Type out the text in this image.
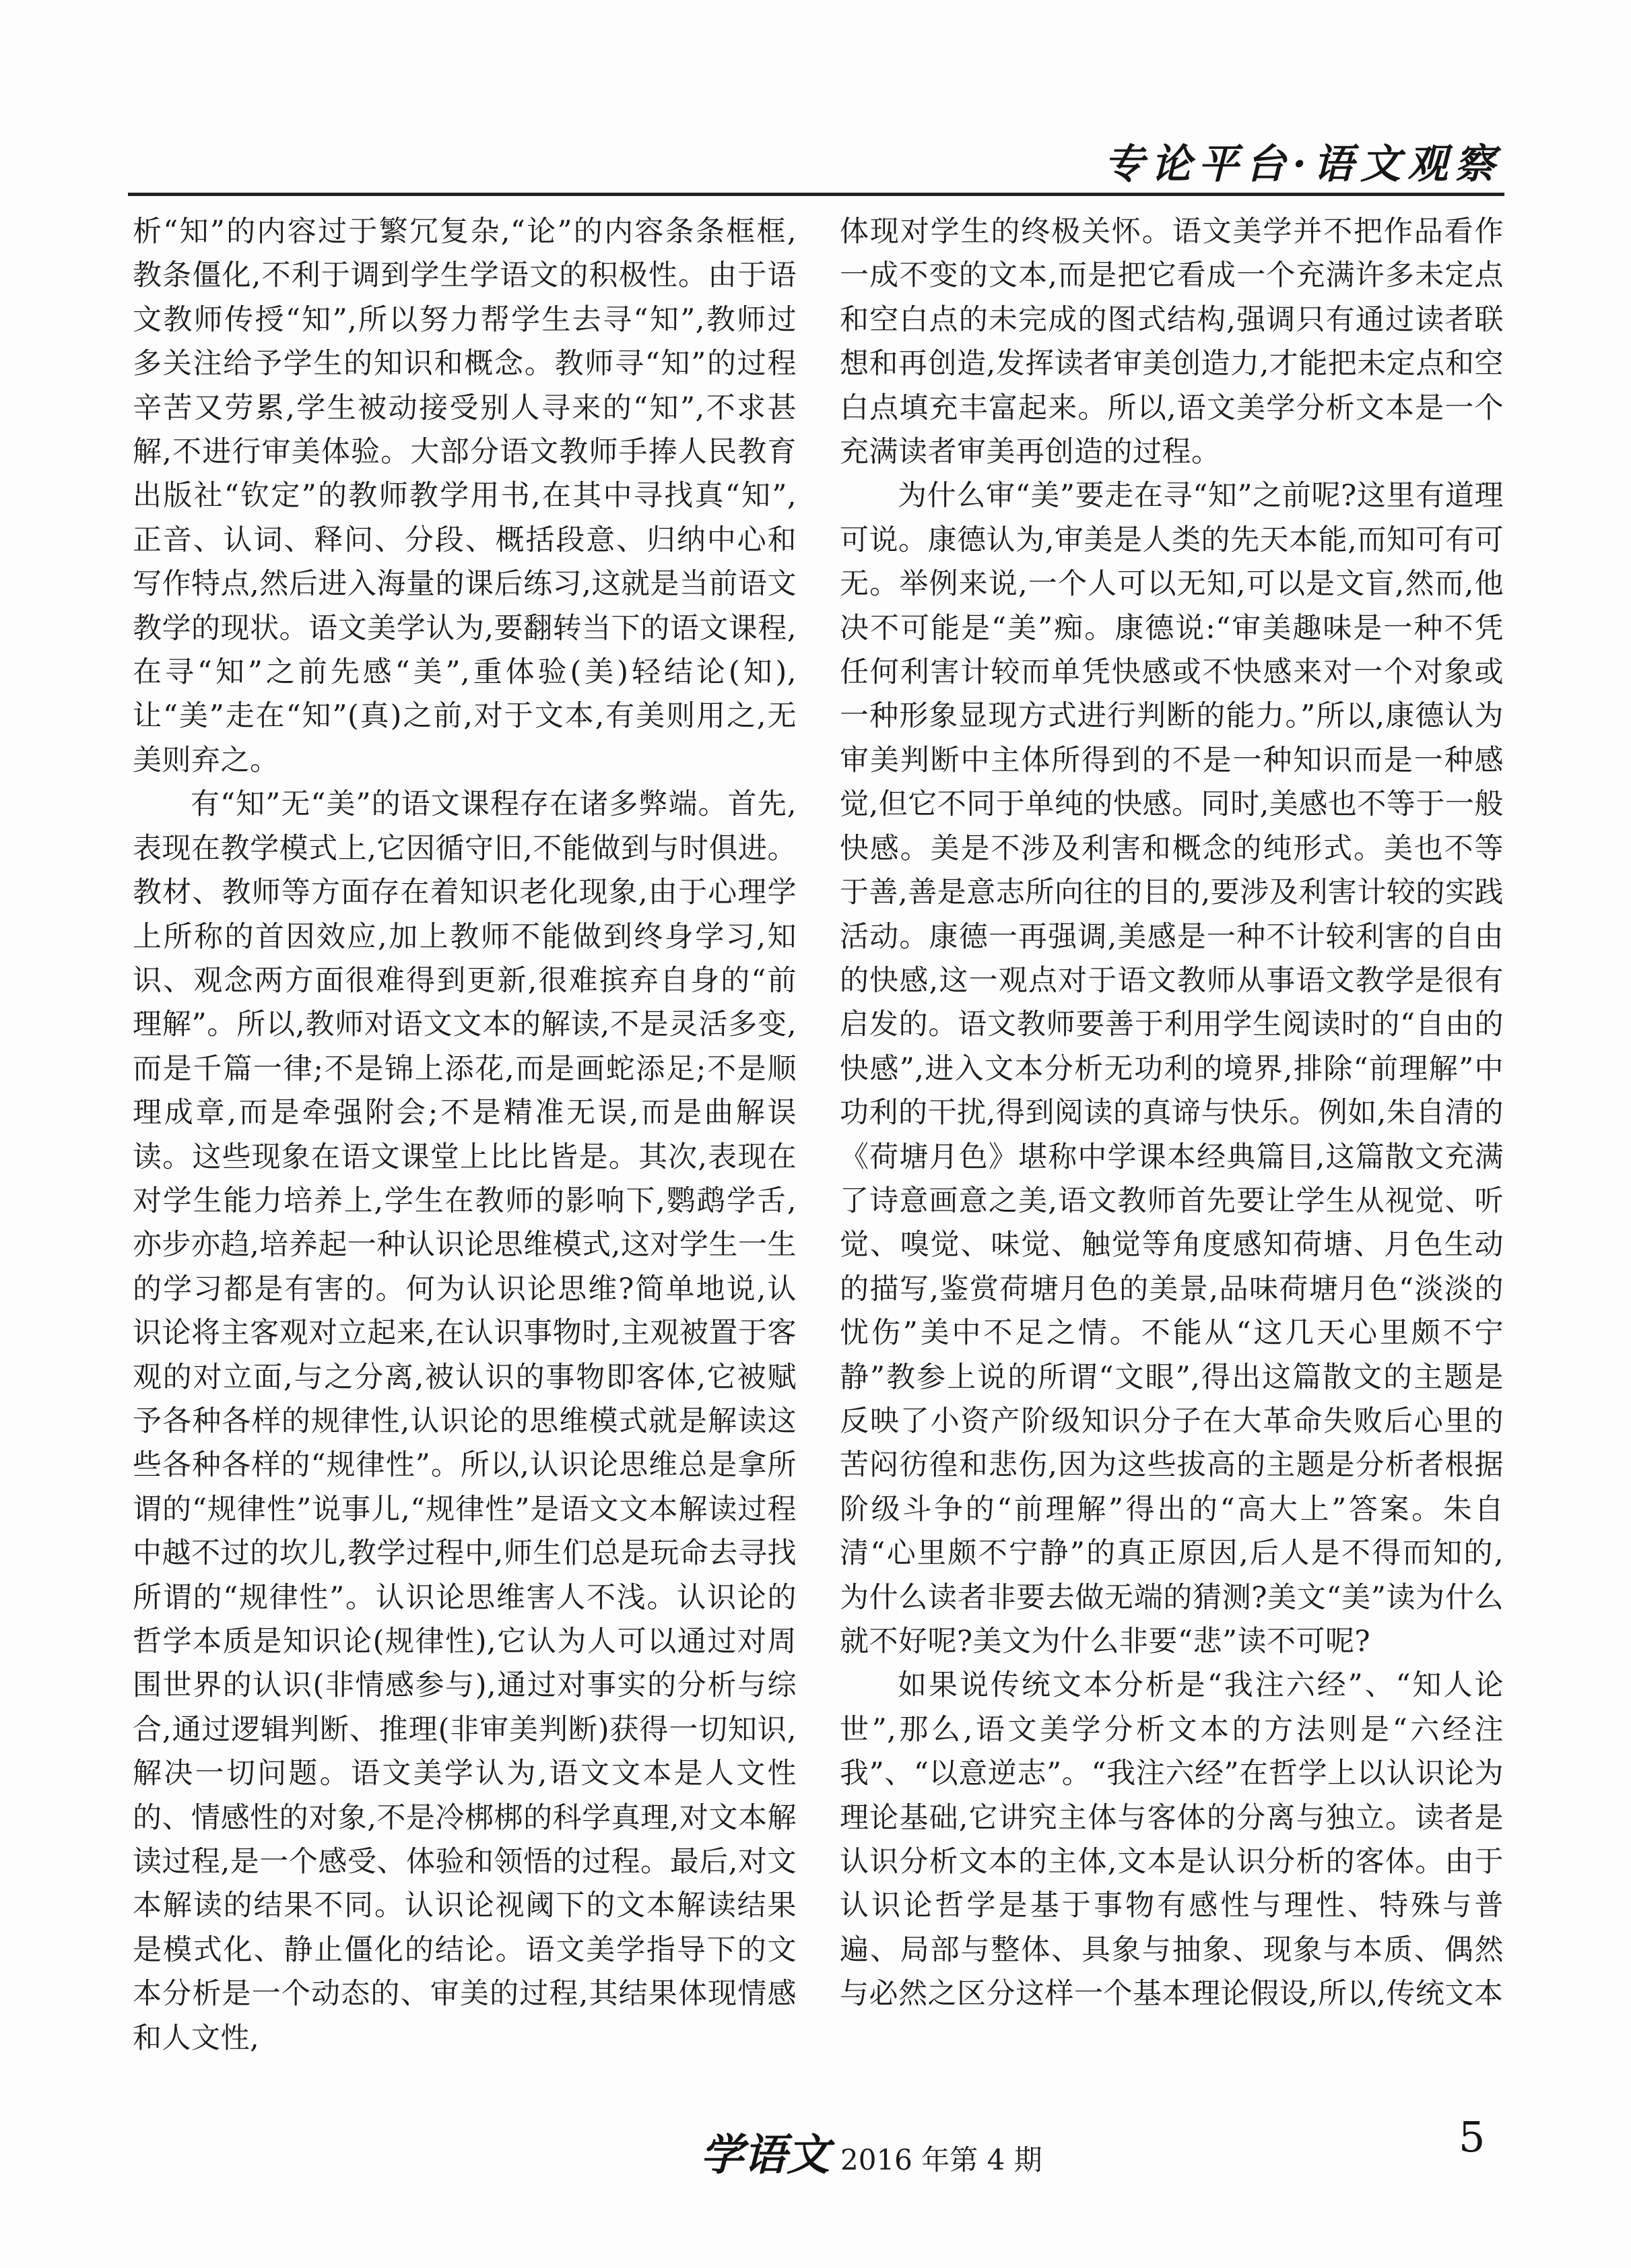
专论平台·语文观察

析“知”的内容过于繁冗复杂,“论”的内容条条框框,教条僵化,不利于调到学生学语文的积极性。由于语文教师传授“知”,所以努力帮学生去寻“知”,教师过多关注给予学生的知识和概念。教师寻“知”的过程辛苦又劳累,学生被动接受别人寻来的“知”,不求甚解,不进行审美体验。大部分语文教师手捧人民教育出版社“钦定”的教师教学用书,在其中寻找真“知”,正音、认词、释问、分段、概括段意、归纳中心和写作特点,然后进入海量的课后练习,这就是当前语文教学的现状。语文美学认为,要翻转当下的语文课程,在寻“知”之前先感“美”,重体验(美)轻结论(知),让“美”走在“知”(真)之前,对于文本,有美则用之,无美则弃之。

有“知”无“美”的语文课程存在诸多弊端。首先,表现在教学模式上,它因循守旧,不能做到与时俱进。教材、教师等方面存在着知识老化现象,由于心理学上所称的首因效应,加上教师不能做到终身学习,知识、观念两方面很难得到更新,很难摈弃自身的“前理解”。所以,教师对语文文本的解读,不是灵活多变,而是千篇一律;不是锦上添花,而是画蛇添足;不是顺理成章,而是牵强附会;不是精准无误,而是曲解误读。这些现象在语文课堂上比比皆是。其次,表现在对学生能力培养上,学生在教师的影响下,鹦鹉学舌,亦步亦趋,培养起一种认识论思维模式,这对学生一生的学习都是有害的。何为认识论思维?简单地说,认识论将主客观对立起来,在认识事物时,主观被置于客观的对立面,与之分离,被认识的事物即客体,它被赋予各种各样的规律性,认识论的思维模式就是解读这些各种各样的“规律性”。所以,认识论思维总是拿所谓的“规律性”说事儿,“规律性”是语文文本解读过程中越不过的坎儿,教学过程中,师生们总是玩命去寻找所谓的“规律性”。认识论思维害人不浅。认识论的哲学本质是知识论(规律性),它认为人可以通过对周围世界的认识(非情感参与),通过对事实的分析与综合,通过逻辑判断、推理(非审美判断)获得一切知识,解决一切问题。语文美学认为,语文文本是人文性的、情感性的对象,不是冷梆梆的科学真理,对文本解读过程,是一个感受、体验和领悟的过程。最后,对文本解读的结果不同。认识论视阈下的文本解读结果是模式化、静止僵化的结论。语文美学指导下的文本分析是一个动态的、审美的过程,其结果体现情感和人文性,

体现对学生的终极关怀。语文美学并不把作品看作一成不变的文本,而是把它看成一个充满许多未定点和空白点的未完成的图式结构,强调只有通过读者联想和再创造,发挥读者审美创造力,才能把未定点和空白点填充丰富起来。所以,语文美学分析文本是一个充满读者审美再创造的过程。

为什么审“美”要走在寻“知”之前呢?这里有道理可说。康德认为,审美是人类的先天本能,而知可有可无。举例来说,一个人可以无知,可以是文盲,然而,他决不可能是“美”痴。康德说:“审美趣味是一种不凭任何利害计较而单凭快感或不快感来对一个对象或一种形象显现方式进行判断的能力。”所以,康德认为审美判断中主体所得到的不是一种知识而是一种感觉,但它不同于单纯的快感。同时,美感也不等于一般快感。美是不涉及利害和概念的纯形式。美也不等于善,善是意志所向往的目的,要涉及利害计较的实践活动。康德一再强调,美感是一种不计较利害的自由的快感,这一观点对于语文教师从事语文教学是很有启发的。语文教师要善于利用学生阅读时的“自由的快感”,进入文本分析无功利的境界,排除“前理解”中功利的干扰,得到阅读的真谛与快乐。例如,朱自清的《荷塘月色》堪称中学课本经典篇目,这篇散文充满了诗意画意之美,语文教师首先要让学生从视觉、听觉、嗅觉、味觉、触觉等角度感知荷塘、月色生动的描写,鉴赏荷塘月色的美景,品味荷塘月色“淡淡的忧伤”美中不足之情。不能从“这几天心里颇不宁静”教参上说的所谓“文眼”,得出这篇散文的主题是反映了小资产阶级知识分子在大革命失败后心里的苦闷彷徨和悲伤,因为这些拔高的主题是分析者根据阶级斗争的“前理解”得出的“高大上”答案。朱自清“心里颇不宁静”的真正原因,后人是不得而知的,为什么读者非要去做无端的猜测?美文“美”读为什么就不好呢?美文为什么非要“悲”读不可呢?

如果说传统文本分析是“我注六经”、“知人论世”,那么,语文美学分析文本的方法则是“六经注我”、“以意逆志”。“我注六经”在哲学上以认识论为理论基础,它讲究主体与客体的分离与独立。读者是认识分析文本的主体,文本是认识分析的客体。由于认识论哲学是基于事物有感性与理性、特殊与普遍、局部与整体、具象与抽象、现象与本质、偶然与必然之区分这样一个基本理论假设,所以,传统文本

学语文 2016 年第 4 期	5
